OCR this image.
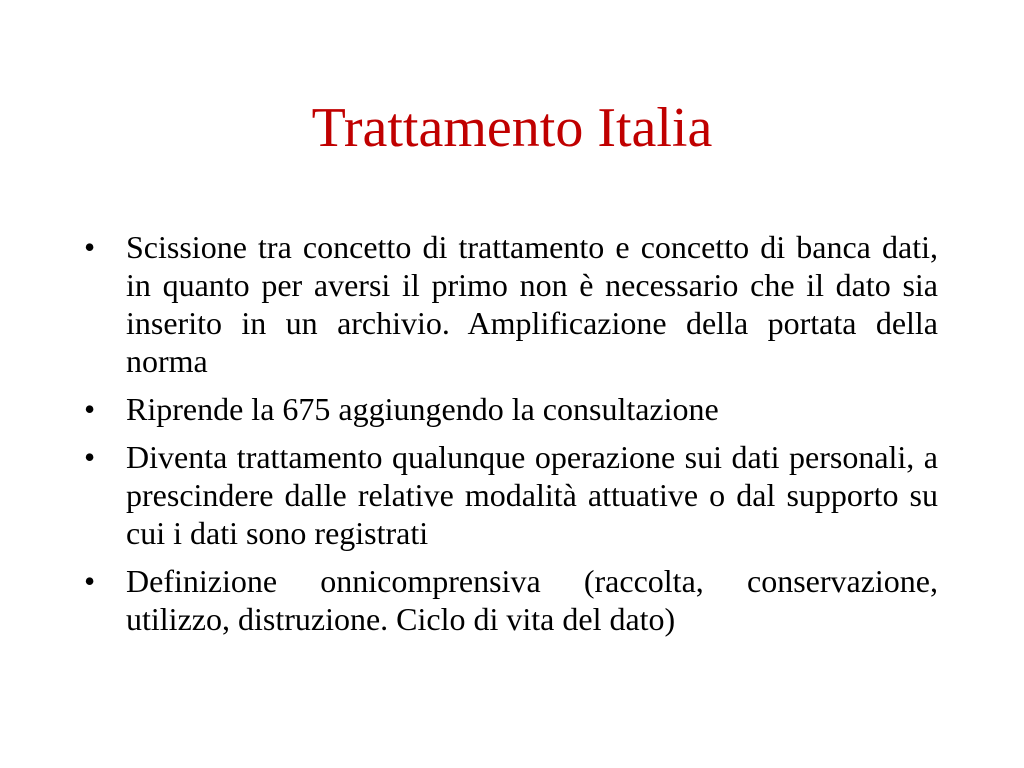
Trattamento Italia
• Scissione tra concetto di trattamento e concetto di banca dati, in quanto per aversi il primo non è necessario che il dato sia inserito in un archivio. Amplificazione della portata della norma
• Riprende la 675 aggiungendo la consultazione
• Diventa trattamento qualunque operazione sui dati personali, a prescindere dalle relative modalità attuative o dal supporto su cui i dati sono registrati
• Definizione onnicomprensiva (raccolta, conservazione, utilizzo, distruzione. Ciclo di vita del dato)
